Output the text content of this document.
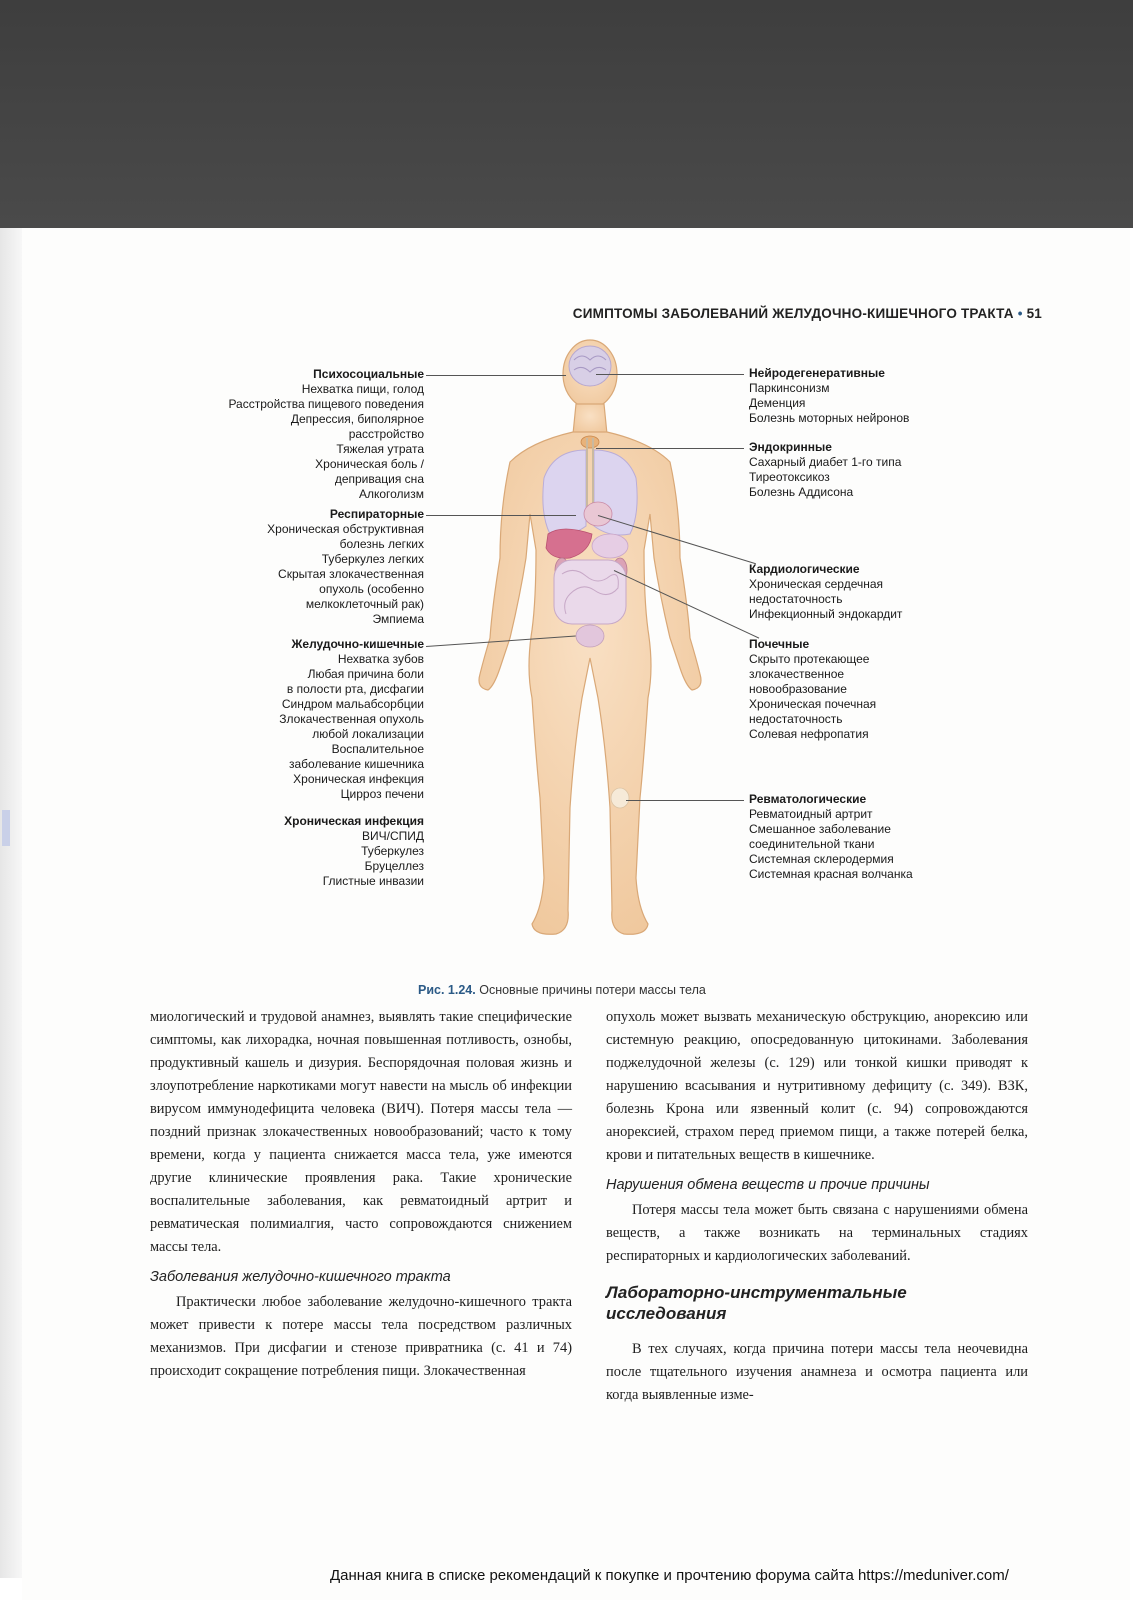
СИМПТОМЫ ЗАБОЛЕВАНИЙ ЖЕЛУДОЧНО-КИШЕЧНОГО ТРАКТА • 51
Психосоциальные
Нехватка пищи, голод
Расстройства пищевого поведения
Депрессия, биполярное
расстройство
Тяжелая утрата
Хроническая боль /
депривация сна
Алкоголизм
Респираторные
Хроническая обструктивная
болезнь легких
Туберкулез легких
Скрытая злокачественная
опухоль (особенно
мелкоклеточный рак)
Эмпиема
Желудочно-кишечные
Нехватка зубов
Любая причина боли
в полости рта, дисфагии
Синдром мальабсорбции
Злокачественная опухоль
любой локализации
Воспалительное
заболевание кишечника
Хроническая инфекция
Цирроз печени
Хроническая инфекция
ВИЧ/СПИД
Туберкулез
Бруцеллез
Глистные инвазии
Нейродегенеративные
Паркинсонизм
Деменция
Болезнь моторных нейронов
Эндокринные
Сахарный диабет 1-го типа
Тиреотоксикоз
Болезнь Аддисона
Кардиологические
Хроническая сердечная
недостаточность
Инфекционный эндокардит
Почечные
Скрыто протекающее
злокачественное
новообразование
Хроническая почечная
недостаточность
Солевая нефропатия
Ревматологические
Ревматоидный артрит
Смешанное заболевание
соединительной ткани
Системная склеродермия
Системная красная волчанка
Рис. 1.24. Основные причины потери массы тела

миологический и трудовой анамнез, выявлять такие специфические симптомы, как лихорадка, ночная повышенная потливость, ознобы, продуктивный кашель и дизурия. Беспорядочная половая жизнь и злоупотребление наркотиками могут навести на мысль об инфекции вирусом иммунодефицита человека (ВИЧ). Потеря массы тела — поздний признак злокачественных новообразований; часто к тому времени, когда у пациента снижается масса тела, уже имеются другие клинические проявления рака. Такие хронические воспалительные заболевания, как ревматоидный артрит и ревматическая полимиалгия, часто сопровождаются снижением массы тела.

Заболевания желудочно-кишечного тракта

Практически любое заболевание желудочно-кишечного тракта может привести к потере массы тела посредством различных механизмов. При дисфагии и стенозе привратника (с. 41 и 74) происходит сокращение потребления пищи. Злокачественная

опухоль может вызвать механическую обструкцию, анорексию или системную реакцию, опосредованную цитокинами. Заболевания поджелудочной железы (с. 129) или тонкой кишки приводят к нарушению всасывания и нутритивному дефициту (с. 349). ВЗК, болезнь Крона или язвенный колит (с. 94) сопровождаются анорексией, страхом перед приемом пищи, а также потерей белка, крови и питательных веществ в кишечнике.

Нарушения обмена веществ и прочие причины

Потеря массы тела может быть связана с нарушениями обмена веществ, а также возникать на терминальных стадиях респираторных и кардиологических заболеваний.

Лабораторно-инструментальные исследования

В тех случаях, когда причина потери массы тела неочевидна после тщательного изучения анамнеза и осмотра пациента или когда выявленные изме-

Данная книга в списке рекомендаций к покупке и прочтению форума сайта https://meduniver.com/
